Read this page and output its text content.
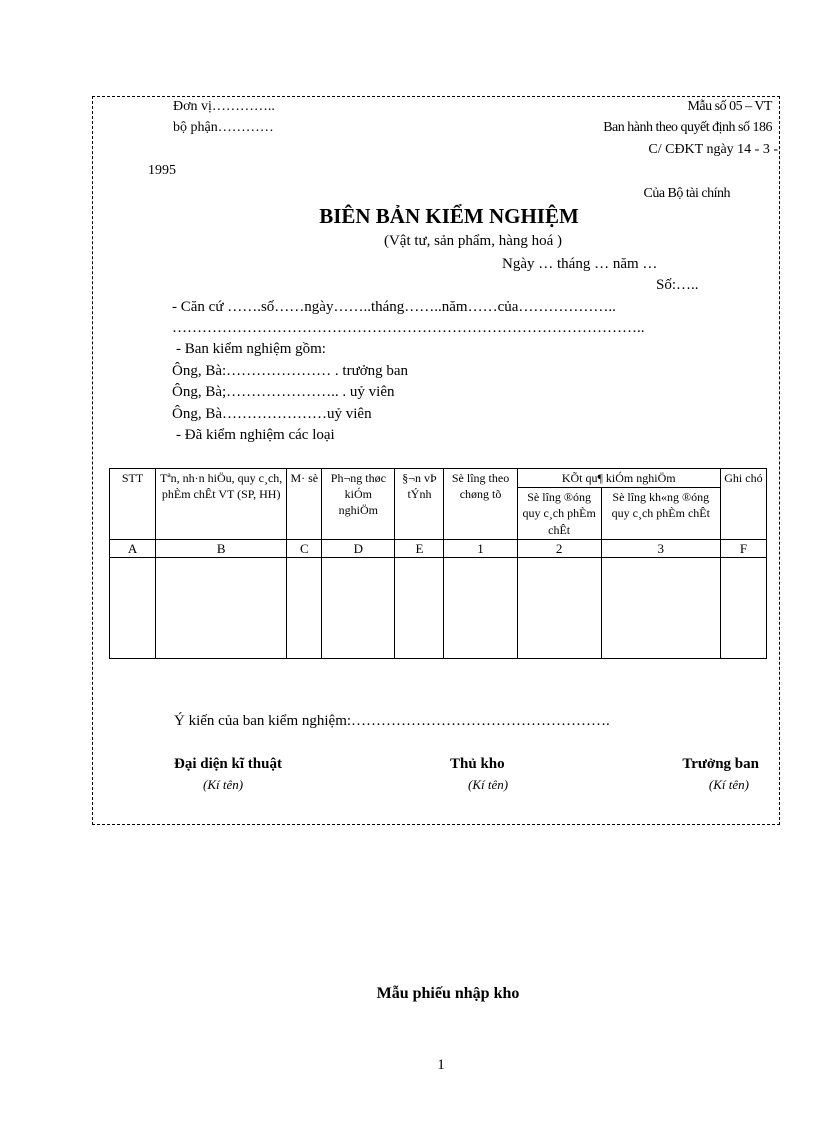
Đơn vị…………..
bộ phận…………
Mẫu số 05 – VT
Ban hành theo quyết định số 186
C/ CĐKT ngày 14 - 3 -
1995
Của Bộ tài chính
BIÊN BẢN KIỂM NGHIỆM
(Vật tư, sản phẩm, hàng hoá )
Ngày … tháng … năm …
Số:…..
- Căn cứ …….số……ngày……..tháng……..năm……của………………..
…………………………………………………………………………………..
- Ban kiểm nghiệm gồm:
Ông, Bà:………………… . trưởng ban
Ông, Bà;………………….. . uỷ viên
Ông, Bà…………………uỷ viên
- Đã kiểm nghiệm các loại
STT	Tªn, nh·n hiÖu, quy c¸ch, phÈm chÊt VT (SP, HH)	M· sè	Ph¬ng thøc kiÓm nghiÖm	§¬n vÞ tÝnh	Sè lîng theo chøng tõ	KÕt qu¶ kiÓm nghiÖm		Ghi chó
						Sè lîng ®óng quy c¸ch phÈm chÊt	Sè lîng kh«ng ®óng quy c¸ch phÈm chÊt	
A	B	C	D	E	1	2	3	F

Ý kiến của ban kiểm nghiệm:…………………………………………….
Đại diện kĩ thuật	Thủ kho	Trưởng ban
(Kí tên)	(Kí tên)	(Kí tên)
Mẫu phiếu nhập kho
1
